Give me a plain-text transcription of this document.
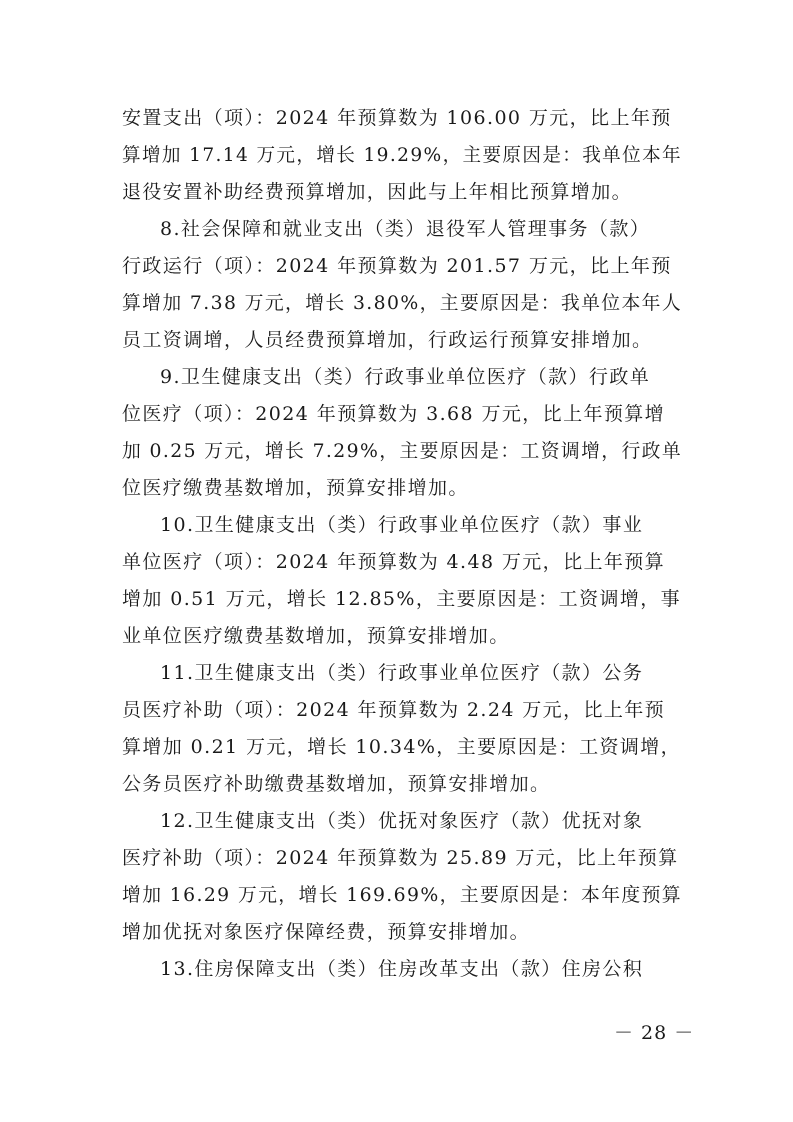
安置支出（项）：2024 年预算数为 106.00 万元，比上年预
算增加 17.14 万元，增长 19.29%，主要原因是：我单位本年
退役安置补助经费预算增加，因此与上年相比预算增加。

8.社会保障和就业支出（类）退役军人管理事务（款）
行政运行（项）：2024 年预算数为 201.57 万元，比上年预
算增加 7.38 万元，增长 3.80%，主要原因是：我单位本年人
员工资调增，人员经费预算增加，行政运行预算安排增加。

9.卫生健康支出（类）行政事业单位医疗（款）行政单
位医疗（项）：2024 年预算数为 3.68 万元，比上年预算增
加 0.25 万元，增长 7.29%，主要原因是：工资调增，行政单
位医疗缴费基数增加，预算安排增加。

10.卫生健康支出（类）行政事业单位医疗（款）事业
单位医疗（项）：2024 年预算数为 4.48 万元，比上年预算
增加 0.51 万元，增长 12.85%，主要原因是：工资调增，事
业单位医疗缴费基数增加，预算安排增加。

11.卫生健康支出（类）行政事业单位医疗（款）公务
员医疗补助（项）：2024 年预算数为 2.24 万元，比上年预
算增加 0.21 万元，增长 10.34%，主要原因是：工资调增，
公务员医疗补助缴费基数增加，预算安排增加。

12.卫生健康支出（类）优抚对象医疗（款）优抚对象
医疗补助（项）：2024 年预算数为 25.89 万元，比上年预算
增加 16.29 万元，增长 169.69%，主要原因是：本年度预算
增加优抚对象医疗保障经费，预算安排增加。

13.住房保障支出（类）住房改革支出（款）住房公积

－ 28 －
